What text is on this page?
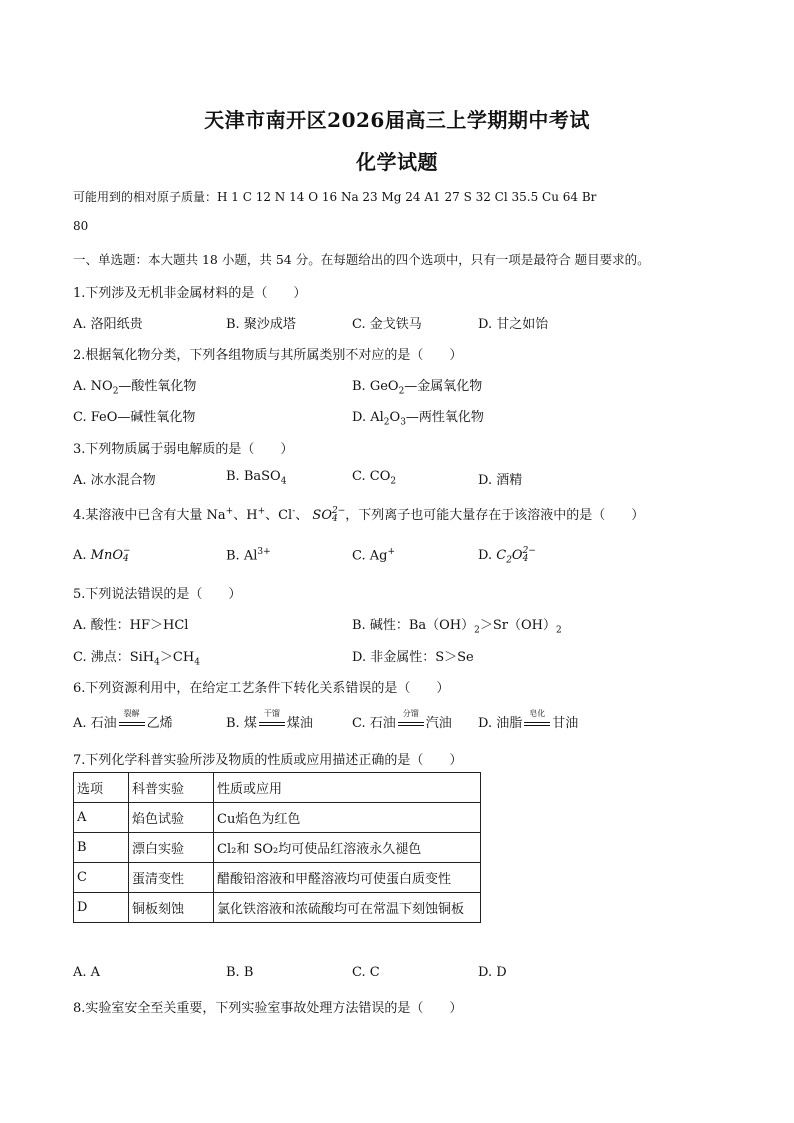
天津市南开区2026届高三上学期期中考试
化学试题
可能用到的相对原子质量：H 1 C 12 N 14 O 16 Na 23 Mg 24 A1 27 S 32 Cl 35.5 Cu 64 Br
80
一、单选题：本大题共 18 小题，共 54 分。在每题给出的四个选项中，只有一项是最符合 题目要求的。
1.下列涉及无机非金属材料的是（　　）
A. 洛阳纸贵	B. 聚沙成塔	C. 金戈铁马	D. 甘之如饴
2.根据氧化物分类，下列各组物质与其所属类别不对应的是（　　）
A. $NO_2—$酸性氧化物	B. GeO$_2$—金属氧化物
C. FeO—碱性氧化物	D. $Al_2O_3—$两性氧化物
3.下列物质属于弱电解质的是（　　）
A. 冰水混合物	B. BaSO$_4$	C. $CO_2$	D. 酒精
4.某溶液中已含有大量 Na+、H+、Cl-、 SO 2−
4 ，下列离子也可能大量存在于该溶液中的是（　　）
A. MnO −
4	B. $Al^{3+}$	C. Ag+	D. $C_2O$ 2−
4
5.下列说法错误的是（　　）
A. 酸性：HF＞HCl	B. 碱性：$Ba(OH)_2>Sr(OH)_2$
C. 沸点：$SiH_4>CH_4$	D. 非金属性：S＞Se
6.下列资源利用中，在给定工艺条件下转化关系错误的是（　　）
A. 石油
裂解
乙烯	B. 煤
干馏
煤油	C. 石油
分馏
汽油 D. 油脂
皂化
甘油
7.下列化学科普实验所涉及物质的性质或应用描述正确的是（　　）
选项	科普实验	性质或应用
A	焰色试验	Cu焰色为红色
B	漂白实验	Cl₂和 SO₂均可使品红溶液永久褪色
C	蛋清变性	醋酸铅溶液和甲醛溶液均可使蛋白质变性
D	铜板刻蚀	氯化铁溶液和浓硫酸均可在常温下刻蚀铜板
A. A	B. B	C. C	D. D
8.实验室安全至关重要，下列实验室事故处理方法错误的是（　　）
